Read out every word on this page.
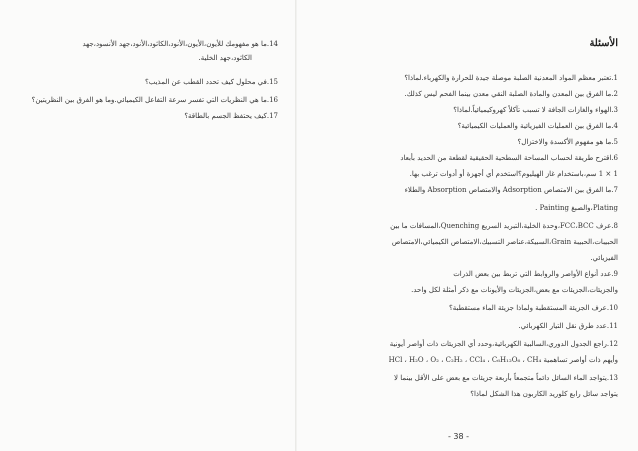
14.ما هو مفهومك للأيون،الأيون،الأنود،الكاثود،الأنود،جهد الأنسود،جهد
الكاثود،جهد الخلية.
15.في محلول كيف تحدد القطب عن المذيب؟
16.ما هي النظريات التي تفسر سرعة التفاعل الكيميائي.وما هو الفرق بين النظريتين؟
17.كيف يحتفظ الجسم بالطاقة؟
الأسئلة
1.تعتبر معظم المواد المعدنية الصلبة موصلة جيدة للحرارة والكهرباء.لماذا؟
2.ما الفرق بين المعدن والمادة الصلبة النقي معدن بينما الفحم ليس كذلك.
3.الهواء والغازات الجافة لا تسبب تآكلاً كهروكيميائياً.لماذا؟
4.ما الفرق بين العمليات الفيزيائية والعمليات الكيميائية؟
5.ما هو مفهوم الأكسدة والاختزال؟
6.اقترح طريقة لحساب المساحة السطحية الحقيقية لقطعة من الحديد بأبعاد
1 × 1 سم،باستخدام غاز الهيليوم؟استخدم أي أجهزة أو أدوات ترغب بها.
7.ما الفرق بين الامتصاص Adsorption والامتصاص Absorption والطلاء
Plating،والصبغ Painting .
8.عرف FCC،BCC،وحدة الخلية،التبريد السريع Quenching،المسافات ما بين
الحبيبات،الحبيبة Grain،السبيكة،عناصر التسبيك،الامتصاص الكيميائي،الامتصاص
الفيزيائي.
9.عدد أنواع الأواصر والروابط التي تربط بين بعض الذرات
والجزيئات،الجزيئات مع بعض،الجزيئات والأيونات مع ذكر أمثلة لكل واحد.
10.عرف الجزيئة المستقطبة ولماذا جزيئة الماء مستقطبة؟
11.عدد طرق نقل التيار الكهربائي.
12.راجع الجدول الدوري،السالبية الكهربائية،وحدد أي الجزيئات ذات أواصر أيونية
وأيهم ذات أواصر تساهمية HCl ، H₂O ، O₂ ، C₂H₂ ، CCl₄ ، C₆H₁₂O₆ ، CH₄
13.يتواجد الماء السائل دائماً متجمعاً بأربعة جزيئات مع بعض على الأقل بينما لا
يتواجد سائل رابع كلوريد الكاربون هذا الشكل لماذا؟
- 38 -
